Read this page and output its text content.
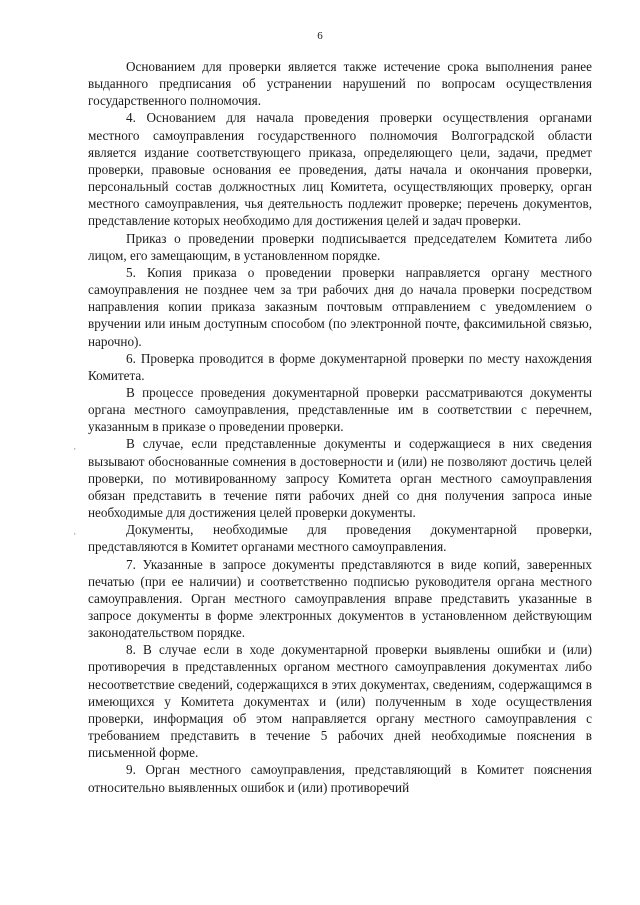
6

Основанием для проверки является также истечение срока выполнения ранее выданного предписания об устранении нарушений по вопросам осуществления государственного полномочия.

4. Основанием для начала проведения проверки осуществления органами местного самоуправления государственного полномочия Волгоградской области является издание соответствующего приказа, определяющего цели, задачи, предмет проверки, правовые основания ее проведения, даты начала и окончания проверки, персональный состав должностных лиц Комитета, осуществляющих проверку, орган местного самоуправления, чья деятельность подлежит проверке; перечень документов, представление которых необходимо для достижения целей и задач проверки.

Приказ о проведении проверки подписывается председателем Комитета либо лицом, его замещающим, в установленном порядке.

5. Копия приказа о проведении проверки направляется органу местного самоуправления не позднее чем за три рабочих дня до начала проверки посредством направления копии приказа заказным почтовым отправлением с уведомлением о вручении или иным доступным способом (по электронной почте, факсимильной связью, нарочно).

6. Проверка проводится в форме документарной проверки по месту нахождения Комитета.

В процессе проведения документарной проверки рассматриваются документы органа местного самоуправления, представленные им в соответствии с перечнем, указанным в приказе о проведении проверки.

В случае, если представленные документы и содержащиеся в них сведения вызывают обоснованные сомнения в достоверности и (или) не позволяют достичь целей проверки, по мотивированному запросу Комитета орган местного самоуправления обязан представить в течение пяти рабочих дней со дня получения запроса иные необходимые для достижения целей проверки документы.

Документы, необходимые для проведения документарной проверки, представляются в Комитет органами местного самоуправления.

7. Указанные в запросе документы представляются в виде копий, заверенных печатью (при ее наличии) и соответственно подписью руководителя органа местного самоуправления. Орган местного самоуправления вправе представить указанные в запросе документы в форме электронных документов в установленном действующим законодательством порядке.

8. В случае если в ходе документарной проверки выявлены ошибки и (или) противоречия в представленных органом местного самоуправления документах либо несоответствие сведений, содержащихся в этих документах, сведениям, содержащимся в имеющихся у Комитета документах и (или) полученным в ходе осуществления проверки, информация об этом направляется органу местного самоуправления с требованием представить в течение 5 рабочих дней необходимые пояснения в письменной форме.

9. Орган местного самоуправления, представляющий в Комитет пояснения относительно выявленных ошибок и (или) противоречий

·
·
